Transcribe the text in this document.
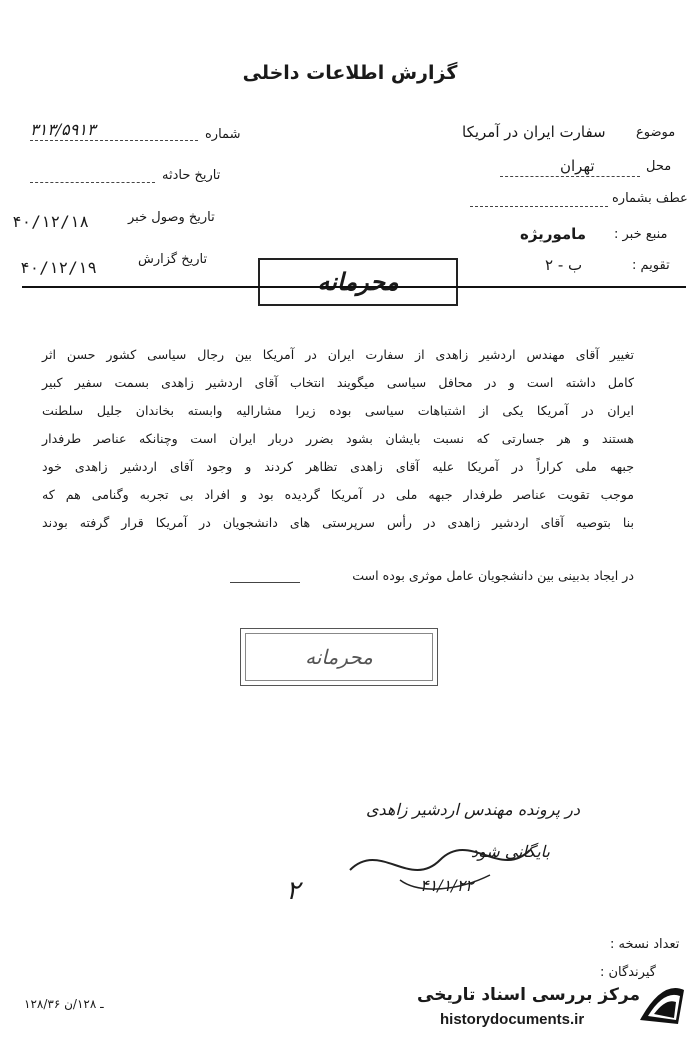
گزارش اطلاعات داخلی
شماره
۳۱۳/۵۹۱۳
تاریخ حادثه
تاریخ وصول خبر
۴۰/۱۲/۱۸
تاریخ گزارش
۴۰/۱۲/۱۹
موضوع
سفارت ایران در آمریکا
محل
تهران
عطف بشماره
منبع خبر :
ماموریژه
تقویم :
ب - ۲
محرمانه
تغییر آقای مهندس اردشیر زاهدی از سفارت ایران در آمریکا بین رجال سیاسی کشور حسن اثر
کامل داشته است و در محافل سیاسی میگویند انتخاب آقای اردشیر زاهدی بسمت سفیر کبیر
ایران در آمریکا یکی از اشتباهات سیاسی بوده زیرا مشارالیه وابسته بخاندان جلیل سلطنت
هستند و هر جسارتی که نسبت بایشان بشود بضرر دربار ایران است وچنانکه عناصر طرفدار
جبهه ملی کراراً در آمریکا علیه آقای زاهدی تظاهر کردند و وجود آقای اردشیر زاهدی خود
موجب تقویت عناصر طرفدار جبهه ملی در آمریکا گردیده بود و افراد بی تجربه وگنامی هم که
بنا بتوصیه آقای اردشیر زاهدی در رأس سرپرستی های دانشجویان در آمریکا قرار گرفته بودند
در ایجاد بدبینی بین دانشجویان عامل موثری بوده است
محرمانه
در پرونده مهندس اردشیر زاهدی
بایگانی شود
۴۱/۱/۲۲
۲
تعداد نسخه :
گیرندگان :
۱۲۸/۳۶ ـ ۱۲۸/ن	مرکز بررسی اسناد تاریخی
historydocuments.ir
